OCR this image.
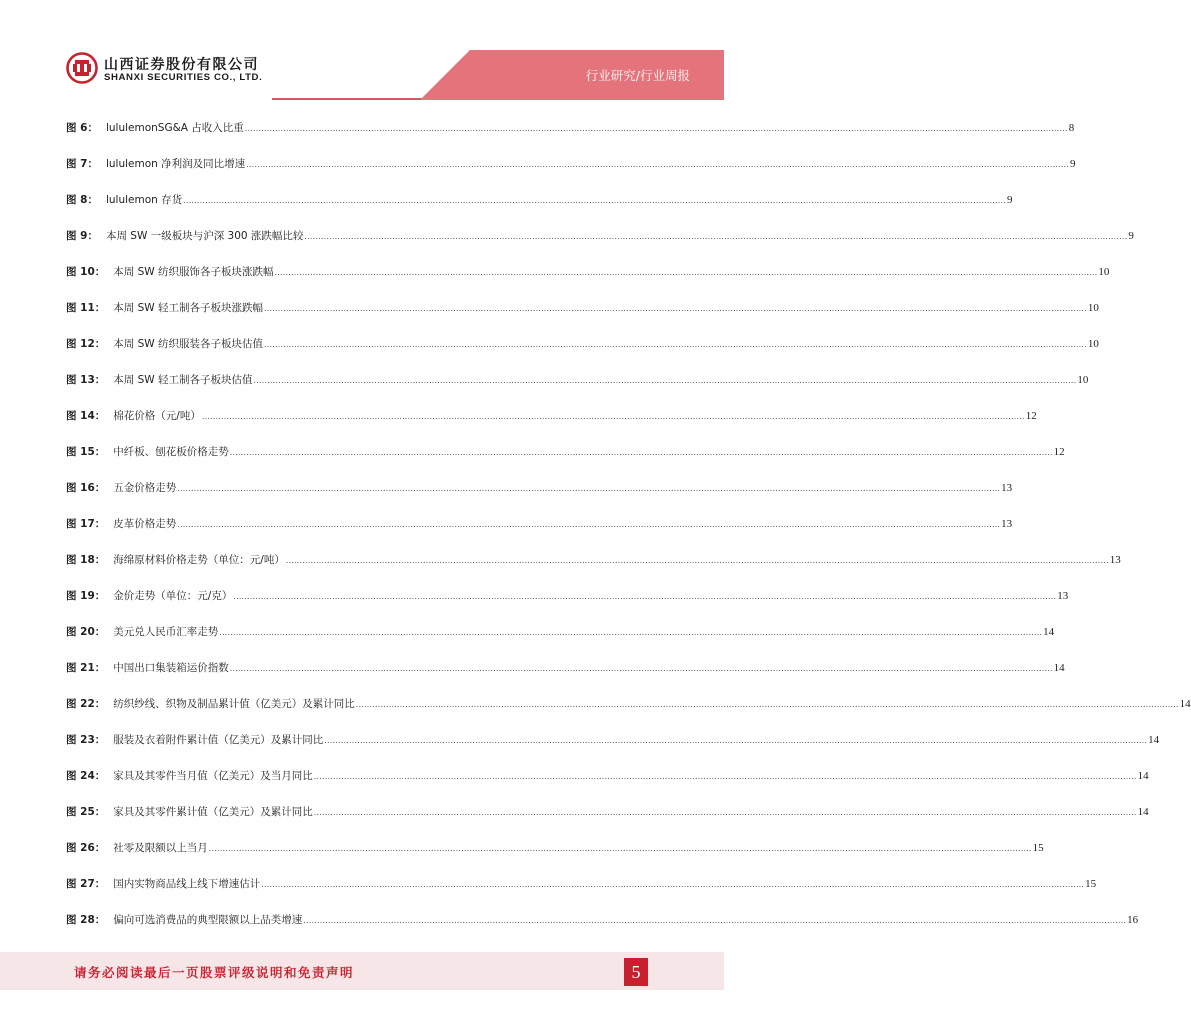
山西证券股份有限公司
SHANXI SECURITIES CO., LTD.	行业研究/行业周报
图 6 ： lululemonSG&A 占收入比重 ............................................................................................................................................................................................................................................................................................................ 8
图 7 ： lululemon 净利润及同比增速 ............................................................................................................................................................................................................................................................................................................ 9
图 8 ： lululemon 存货 ............................................................................................................................................................................................................................................................................................................ 9
图 9 ： 本周 SW 一级板块与沪深 300 涨跌幅比较 ............................................................................................................................................................................................................................................................................................................ 9
图 10 ： 本周 SW 纺织服饰各子板块涨跌幅 ............................................................................................................................................................................................................................................................................................................ 10
图 11 ： 本周 SW 轻工制各子板块涨跌幅 ............................................................................................................................................................................................................................................................................................................ 10
图 12 ： 本周 SW 纺织服装各子板块估值 ............................................................................................................................................................................................................................................................................................................ 10
图 13 ： 本周 SW 轻工制各子板块估值 ............................................................................................................................................................................................................................................................................................................ 10
图 14 ： 棉花价格（元/吨） ............................................................................................................................................................................................................................................................................................................ 12
图 15 ： 中纤板、刨花板价格走势 ............................................................................................................................................................................................................................................................................................................ 12
图 16 ： 五金价格走势 ............................................................................................................................................................................................................................................................................................................ 13
图 17 ： 皮革价格走势 ............................................................................................................................................................................................................................................................................................................ 13
图 18 ： 海绵原材料价格走势（单位：元/吨） ............................................................................................................................................................................................................................................................................................................ 13
图 19 ： 金价走势（单位：元/克） ............................................................................................................................................................................................................................................................................................................ 13
图 20 ： 美元兑人民币汇率走势 ............................................................................................................................................................................................................................................................................................................ 14
图 21 ： 中国出口集装箱运价指数 ............................................................................................................................................................................................................................................................................................................ 14
图 22 ： 纺织纱线、织物及制品累计值（亿美元）及累计同比 ............................................................................................................................................................................................................................................................................................................ 14
图 23 ： 服装及衣着附件累计值（亿美元）及累计同比 ............................................................................................................................................................................................................................................................................................................ 14
图 24 ： 家具及其零件当月值（亿美元）及当月同比 ............................................................................................................................................................................................................................................................................................................ 14
图 25 ： 家具及其零件累计值（亿美元）及累计同比 ............................................................................................................................................................................................................................................................................................................ 14
图 26 ： 社零及限额以上当月 ............................................................................................................................................................................................................................................................................................................ 15
图 27 ： 国内实物商品线上线下增速估计 ............................................................................................................................................................................................................................................................................................................ 15
图 28 ： 偏向可选消费品的典型限额以上品类增速 ............................................................................................................................................................................................................................................................................................................ 16
请务必阅读最后一页股票评级说明和免责声明	5
